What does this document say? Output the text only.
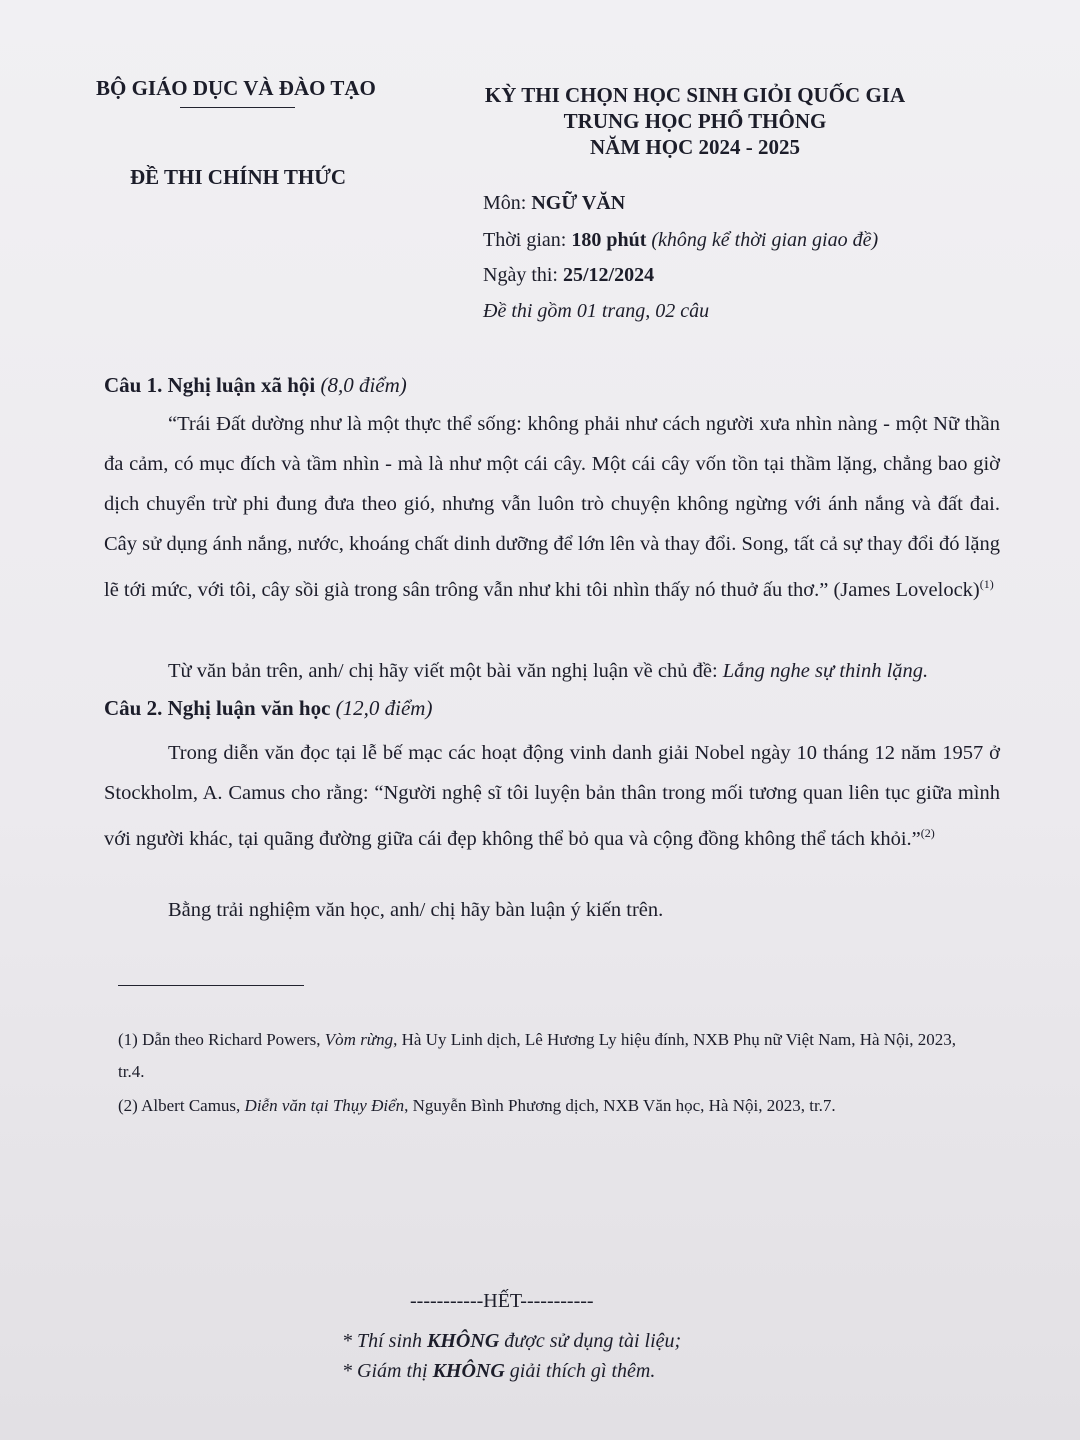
BỘ GIÁO DỤC VÀ ĐÀO TẠO
ĐỀ THI CHÍNH THỨC
KỲ THI CHỌN HỌC SINH GIỎI QUỐC GIA
TRUNG HỌC PHỔ THÔNG
NĂM HỌC 2024 - 2025
Môn: NGỮ VĂN
Thời gian: 180 phút (không kể thời gian giao đề)
Ngày thi: 25/12/2024
Đề thi gồm 01 trang, 02 câu
Câu 1. Nghị luận xã hội (8,0 điểm)
“Trái Đất dường như là một thực thể sống: không phải như cách người xưa nhìn nàng - một Nữ thần đa cảm, có mục đích và tầm nhìn - mà là như một cái cây. Một cái cây vốn tồn tại thầm lặng, chẳng bao giờ dịch chuyển trừ phi đung đưa theo gió, nhưng vẫn luôn trò chuyện không ngừng với ánh nắng và đất đai. Cây sử dụng ánh nắng, nước, khoáng chất dinh dưỡng để lớn lên và thay đổi. Song, tất cả sự thay đổi đó lặng lẽ tới mức, với tôi, cây sồi già trong sân trông vẫn như khi tôi nhìn thấy nó thuở ấu thơ.” (James Lovelock)$^{(1)}$
Từ văn bản trên, anh/ chị hãy viết một bài văn nghị luận về chủ đề: Lắng nghe sự thinh lặng.
Câu 2. Nghị luận văn học (12,0 điểm)
Trong diễn văn đọc tại lễ bế mạc các hoạt động vinh danh giải Nobel ngày 10 tháng 12 năm 1957 ở Stockholm, A. Camus cho rằng: “Người nghệ sĩ tôi luyện bản thân trong mối tương quan liên tục giữa mình với người khác, tại quãng đường giữa cái đẹp không thể bỏ qua và cộng đồng không thể tách khỏi.”$^{(2)}$
Bằng trải nghiệm văn học, anh/ chị hãy bàn luận ý kiến trên.
(1) Dẫn theo Richard Powers, Vòm rừng, Hà Uy Linh dịch, Lê Hương Ly hiệu đính, NXB Phụ nữ Việt Nam, Hà Nội, 2023, tr.4.
(2) Albert Camus, Diễn văn tại Thụy Điển, Nguyễn Bình Phương dịch, NXB Văn học, Hà Nội, 2023, tr.7.
-----------HẾT-----------
* Thí sinh KHÔNG được sử dụng tài liệu;
* Giám thị KHÔNG giải thích gì thêm.
